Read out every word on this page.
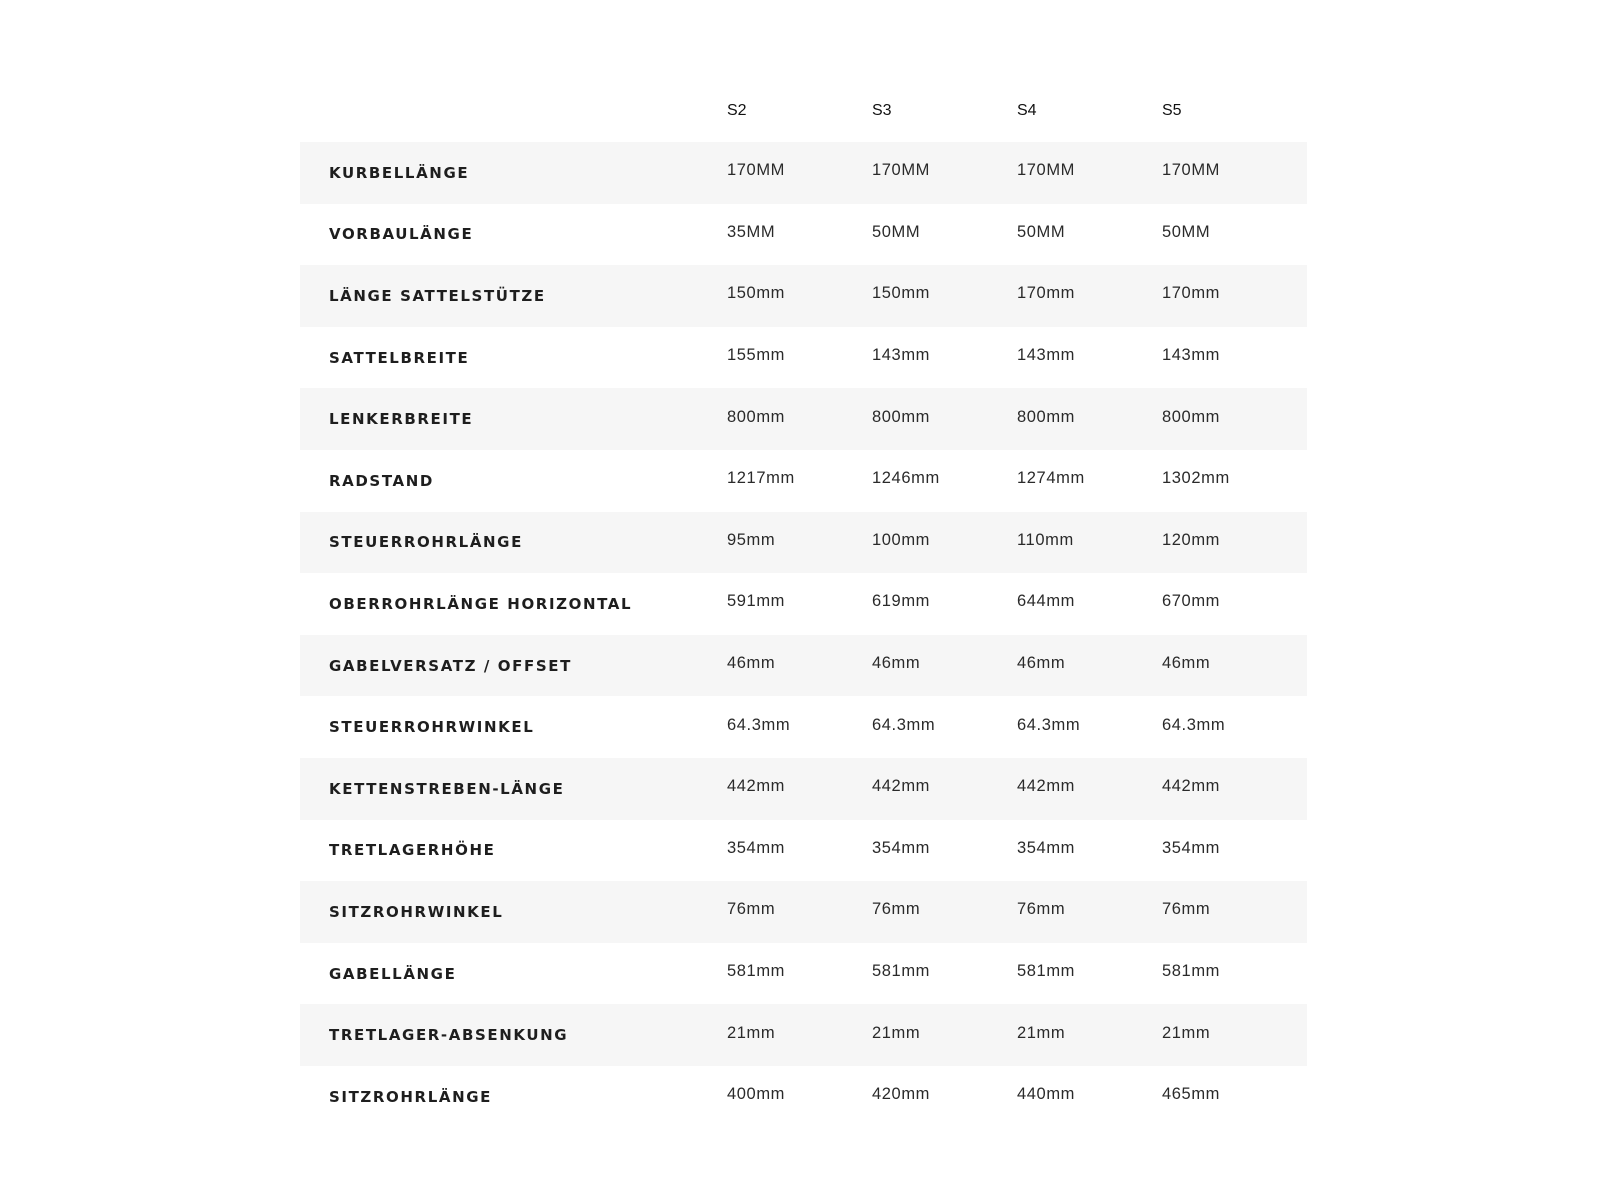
	S2	S3	S4	S5
KURBELLÄNGE	170MM	170MM	170MM	170MM
VORBAULÄNGE	35MM	50MM	50MM	50MM
LÄNGE SATTELSTÜTZE	150mm	150mm	170mm	170mm
SATTELBREITE	155mm	143mm	143mm	143mm
LENKERBREITE	800mm	800mm	800mm	800mm
RADSTAND	1217mm	1246mm	1274mm	1302mm
STEUERROHRLÄNGE	95mm	100mm	110mm	120mm
OBERROHRLÄNGE HORIZONTAL	591mm	619mm	644mm	670mm
GABELVERSATZ / OFFSET	46mm	46mm	46mm	46mm
STEUERROHRWINKEL	64.3mm	64.3mm	64.3mm	64.3mm
KETTENSTREBEN-LÄNGE	442mm	442mm	442mm	442mm
TRETLAGERHÖHE	354mm	354mm	354mm	354mm
SITZROHRWINKEL	76mm	76mm	76mm	76mm
GABELLÄNGE	581mm	581mm	581mm	581mm
TRETLAGER-ABSENKUNG	21mm	21mm	21mm	21mm
SITZROHRLÄNGE	400mm	420mm	440mm	465mm
